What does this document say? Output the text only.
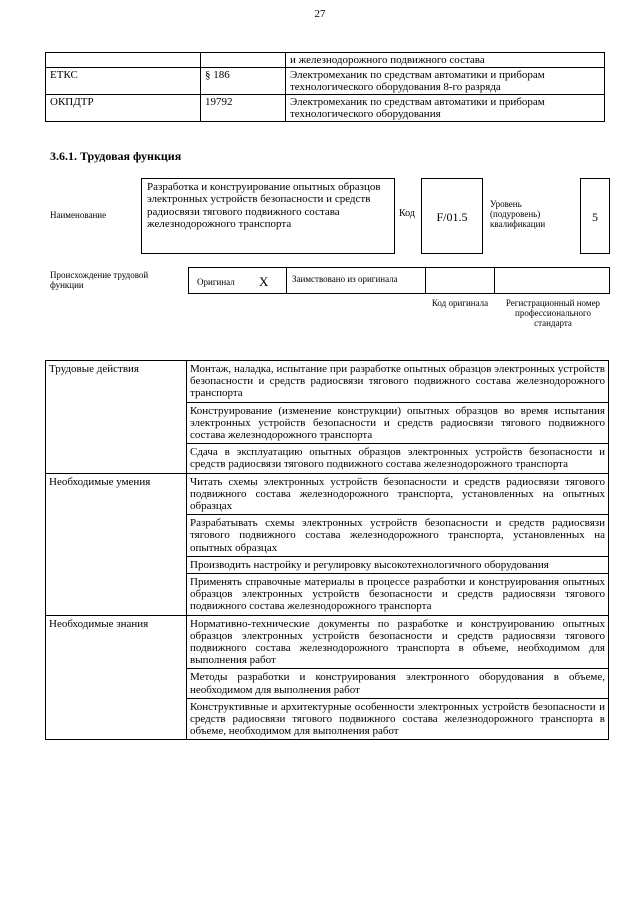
27
		и железнодорожного подвижного состава
ЕТКС	§ 186	Электромеханик по средствам автоматики и приборам технологического оборудования 8-го разряда
ОКПДТР	19792	Электромеханик по средствам автоматики и приборам технологического оборудования
3.6.1. Трудовая функция
Наименование
Разработка и конструирование опытных образцов электронных устройств безопасности и средств радиосвязи тягового подвижного состава железнодорожного транспорта
Код	F/01.5
Уровень (подуровень) квалификации	5
Происхождение трудовой функции	Оригинал X	Заимствовано из оригинала
Код оригинала	Регистрационный номер профессионального стандарта
Трудовые действия	Монтаж, наладка, испытание при разработке опытных образцов электронных устройств безопасности и средств радиосвязи тягового подвижного состава железнодорожного транспорта
	Конструирование (изменение конструкции) опытных образцов во время испытания электронных устройств безопасности и средств радиосвязи тягового подвижного состава железнодорожного транспорта
	Сдача в эксплуатацию опытных образцов электронных устройств безопасности и средств радиосвязи тягового подвижного состава железнодорожного транспорта
Необходимые умения	Читать схемы электронных устройств безопасности и средств радиосвязи тягового подвижного состава железнодорожного транспорта, установленных на опытных образцах
	Разрабатывать схемы электронных устройств безопасности и средств радиосвязи тягового подвижного состава железнодорожного транспорта, установленных на опытных образцах
	Производить настройку и регулировку высокотехнологичного оборудования
	Применять справочные материалы в процессе разработки и конструирования опытных образцов электронных устройств безопасности и средств радиосвязи тягового подвижного состава железнодорожного транспорта
Необходимые знания	Нормативно-технические документы по разработке и конструированию опытных образцов электронных устройств безопасности и средств радиосвязи тягового подвижного состава железнодорожного транспорта в объеме, необходимом для выполнения работ
	Методы разработки и конструирования электронного оборудования в объеме, необходимом для выполнения работ
	Конструктивные и архитектурные особенности электронных устройств безопасности и средств радиосвязи тягового подвижного состава железнодорожного транспорта в объеме, необходимом для выполнения работ
